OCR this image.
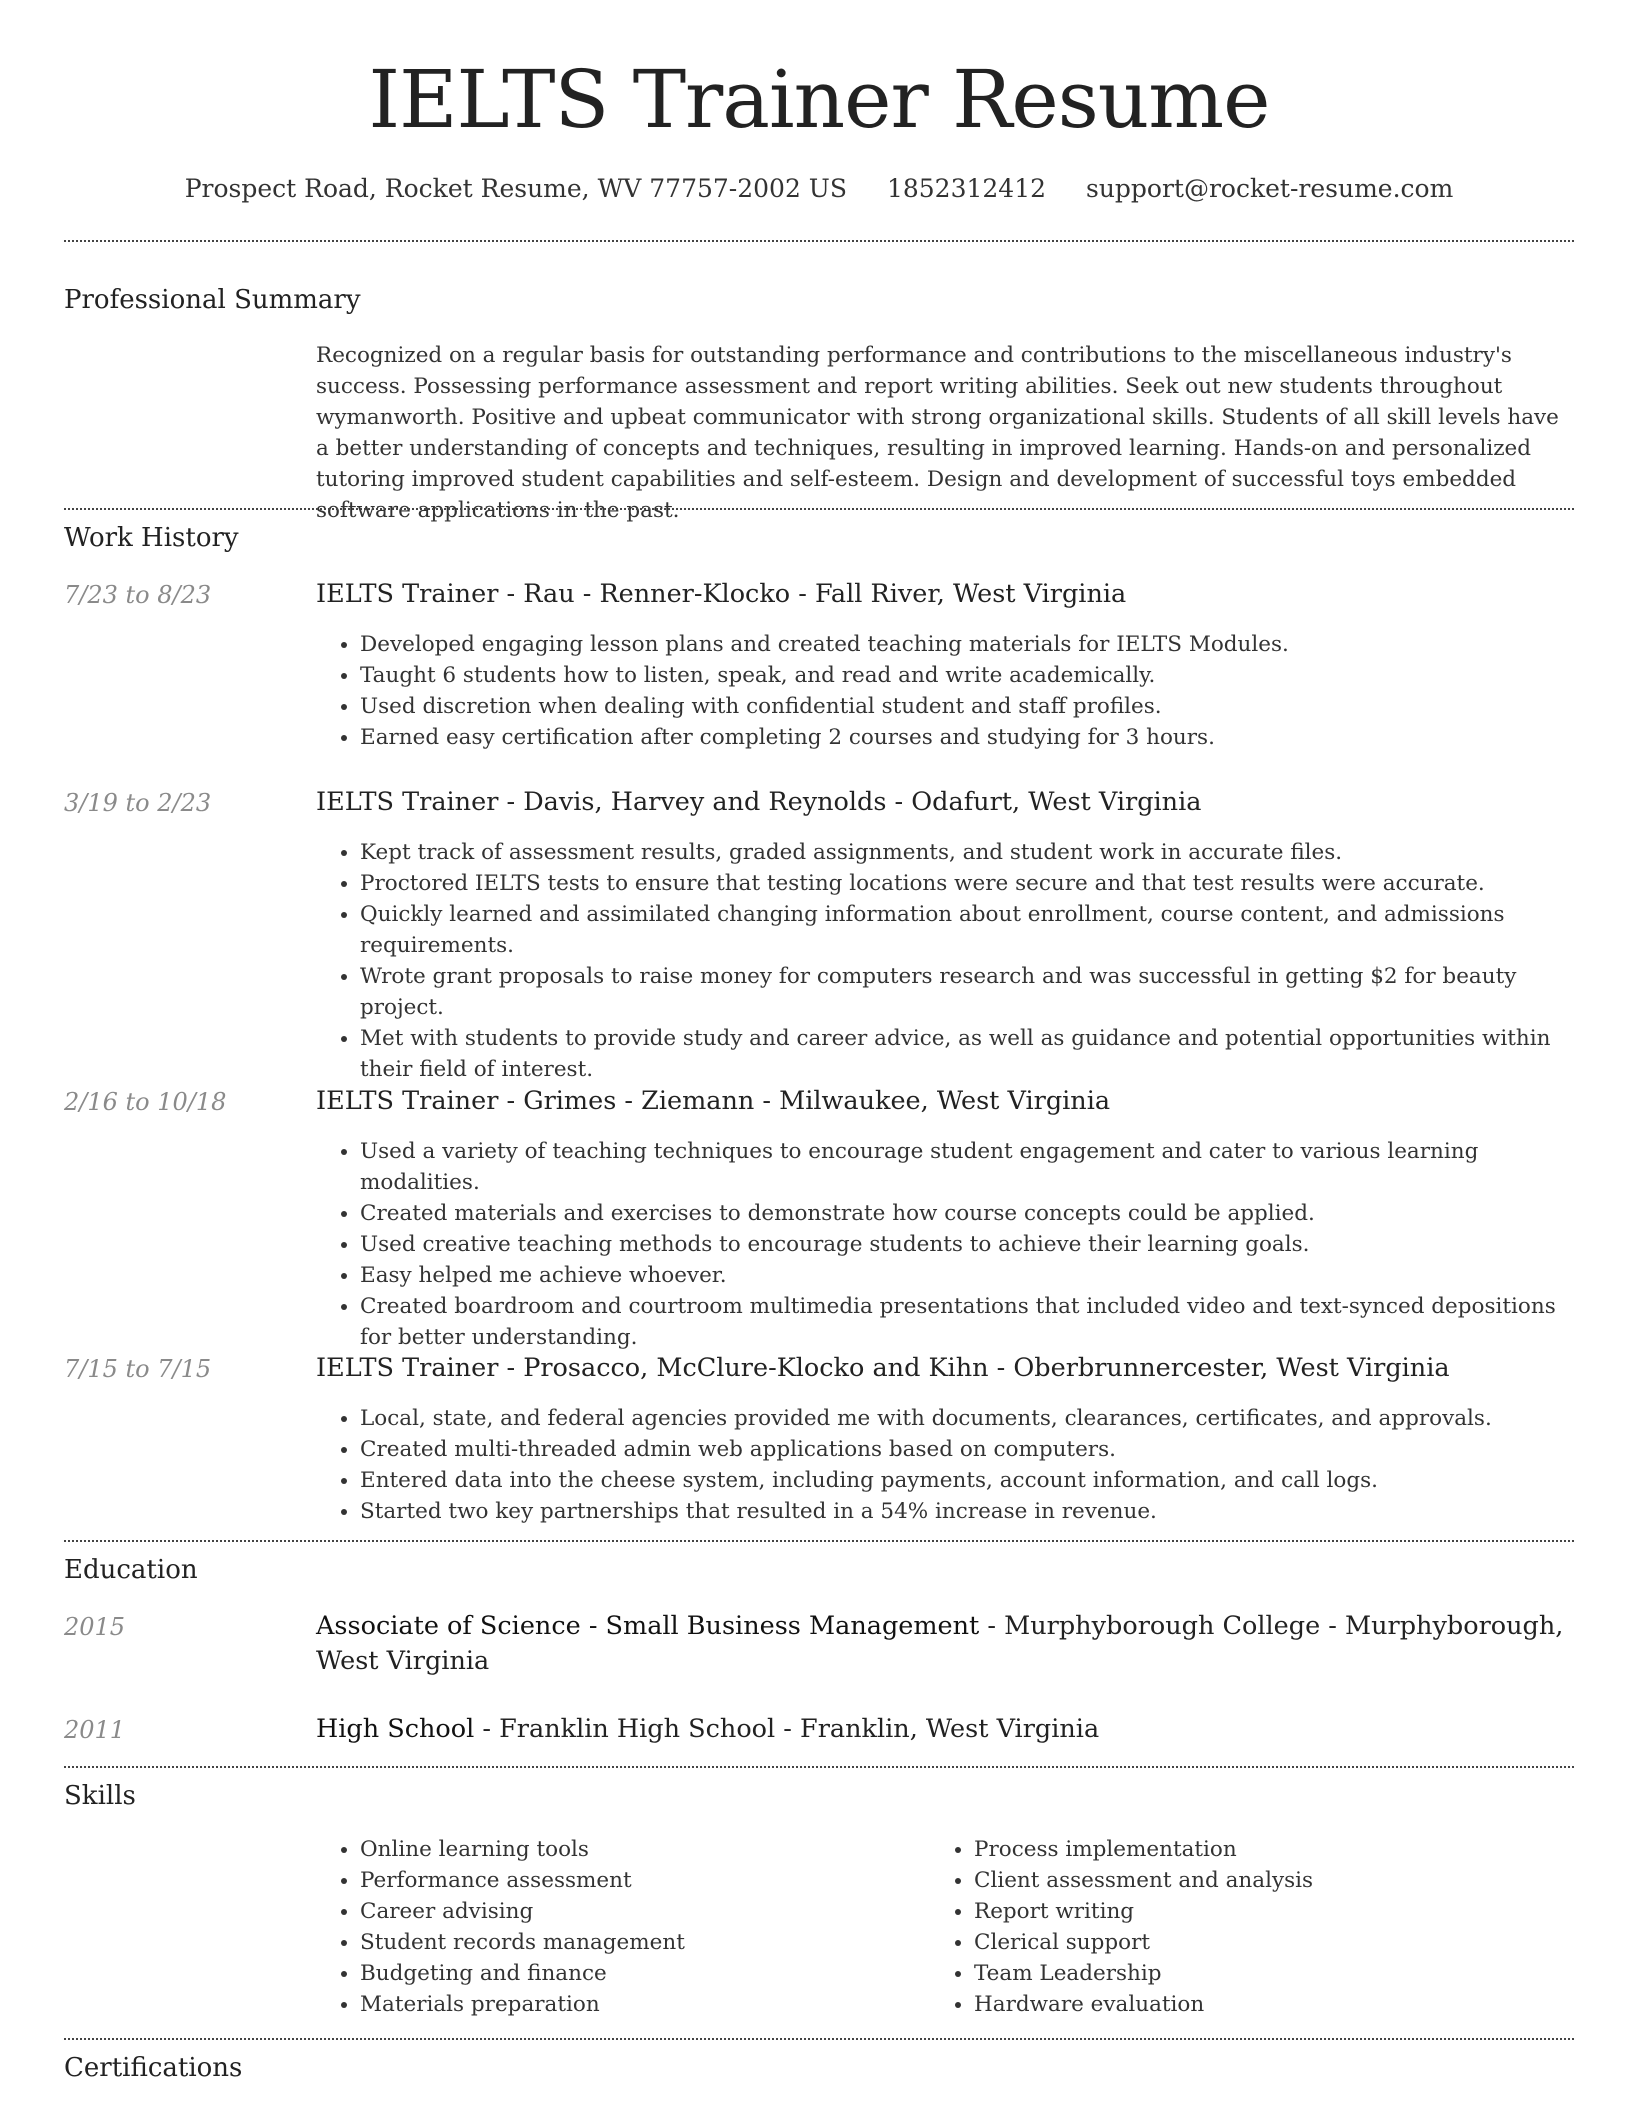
IELTS Trainer Resume
Prospect Road, Rocket Resume, WV 77757-2002 US 1852312412 support@rocket-resume.com
Professional Summary
Recognized on a regular basis for outstanding performance and contributions to the miscellaneous industry's success. Possessing performance assessment and report writing abilities. Seek out new students throughout wymanworth. Positive and upbeat communicator with strong organizational skills. Students of all skill levels have a better understanding of concepts and techniques, resulting in improved learning. Hands-on and personalized tutoring improved student capabilities and self-esteem. Design and development of successful toys embedded software applications in the past.
Work History
7/23 to 8/23	IELTS Trainer - Rau - Renner-Klocko - Fall River, West Virginia
• Developed engaging lesson plans and created teaching materials for IELTS Modules.
• Taught 6 students how to listen, speak, and read and write academically.
• Used discretion when dealing with confidential student and staff profiles.
• Earned easy certification after completing 2 courses and studying for 3 hours.
3/19 to 2/23	IELTS Trainer - Davis, Harvey and Reynolds - Odafurt, West Virginia
• Kept track of assessment results, graded assignments, and student work in accurate files.
• Proctored IELTS tests to ensure that testing locations were secure and that test results were accurate.
• Quickly learned and assimilated changing information about enrollment, course content, and admissions requirements.
• Wrote grant proposals to raise money for computers research and was successful in getting $2 for beauty project.
• Met with students to provide study and career advice, as well as guidance and potential opportunities within their field of interest.
2/16 to 10/18	IELTS Trainer - Grimes - Ziemann - Milwaukee, West Virginia
• Used a variety of teaching techniques to encourage student engagement and cater to various learning modalities.
• Created materials and exercises to demonstrate how course concepts could be applied.
• Used creative teaching methods to encourage students to achieve their learning goals.
• Easy helped me achieve whoever.
• Created boardroom and courtroom multimedia presentations that included video and text-synced depositions for better understanding.
7/15 to 7/15	IELTS Trainer - Prosacco, McClure-Klocko and Kihn - Oberbrunnercester, West Virginia
• Local, state, and federal agencies provided me with documents, clearances, certificates, and approvals.
• Created multi-threaded admin web applications based on computers.
• Entered data into the cheese system, including payments, account information, and call logs.
• Started two key partnerships that resulted in a 54% increase in revenue.
Education
2015	Associate of Science - Small Business Management - Murphyborough College - Murphyborough, West Virginia
2011	High School - Franklin High School - Franklin, West Virginia
Skills
• Online learning tools
• Performance assessment
• Career advising
• Student records management
• Budgeting and finance
• Materials preparation
• Process implementation
• Client assessment and analysis
• Report writing
• Clerical support
• Team Leadership
• Hardware evaluation
Certifications
